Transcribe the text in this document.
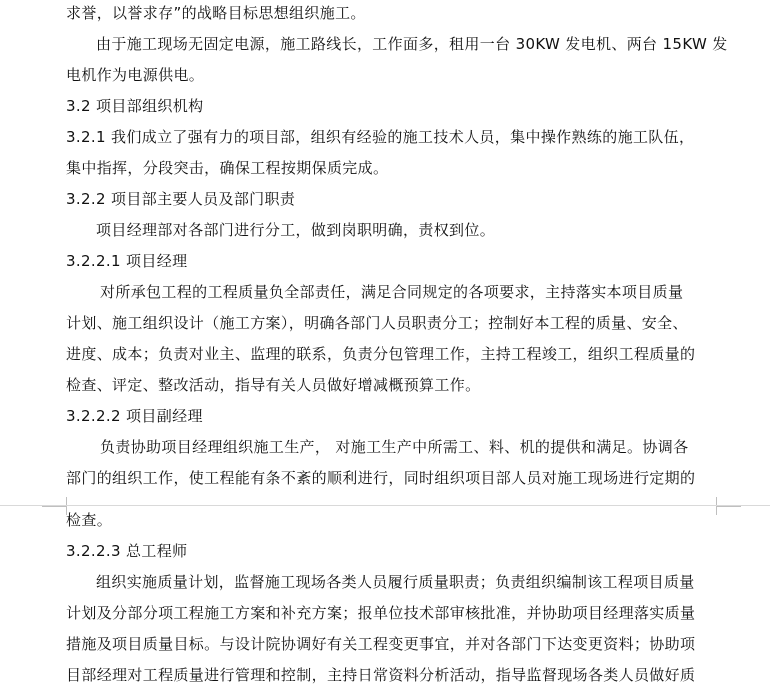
求誉，以誉求存”的战略目标思想组织施工。
由于施工现场无固定电源，施工路线长，工作面多，租用一台 30KW 发电机、两台 15KW 发
电机作为电源供电。
3.2 项目部组织机构
3.2.1 我们成立了强有力的项目部，组织有经验的施工技术人员，集中操作熟练的施工队伍，
集中指挥，分段突击，确保工程按期保质完成。
3.2.2 项目部主要人员及部门职责
项目经理部对各部门进行分工，做到岗职明确，责权到位。
3.2.2.1 项目经理
对所承包工程的工程质量负全部责任，满足合同规定的各项要求，主持落实本项目质量
计划、施工组织设计（施工方案），明确各部门人员职责分工；控制好本工程的质量、安全、
进度、成本；负责对业主、监理的联系，负责分包管理工作，主持工程竣工，组织工程质量的
检查、评定、整改活动，指导有关人员做好增减概预算工作。
3.2.2.2 项目副经理
负责协助项目经理组织施工生产， 对施工生产中所需工、料、机的提供和满足。协调各
部门的组织工作，使工程能有条不紊的顺利进行，同时组织项目部人员对施工现场进行定期的
检查。
3.2.2.3 总工程师
组织实施质量计划，监督施工现场各类人员履行质量职责；负责组织编制该工程项目质量
计划及分部分项工程施工方案和补充方案；报单位技术部审核批准，并协助项目经理落实质量
措施及项目质量目标。与设计院协调好有关工程变更事宜，并对各部门下达变更资料；协助项
目部经理对工程质量进行管理和控制，主持日常资料分析活动，指导监督现场各类人员做好质
